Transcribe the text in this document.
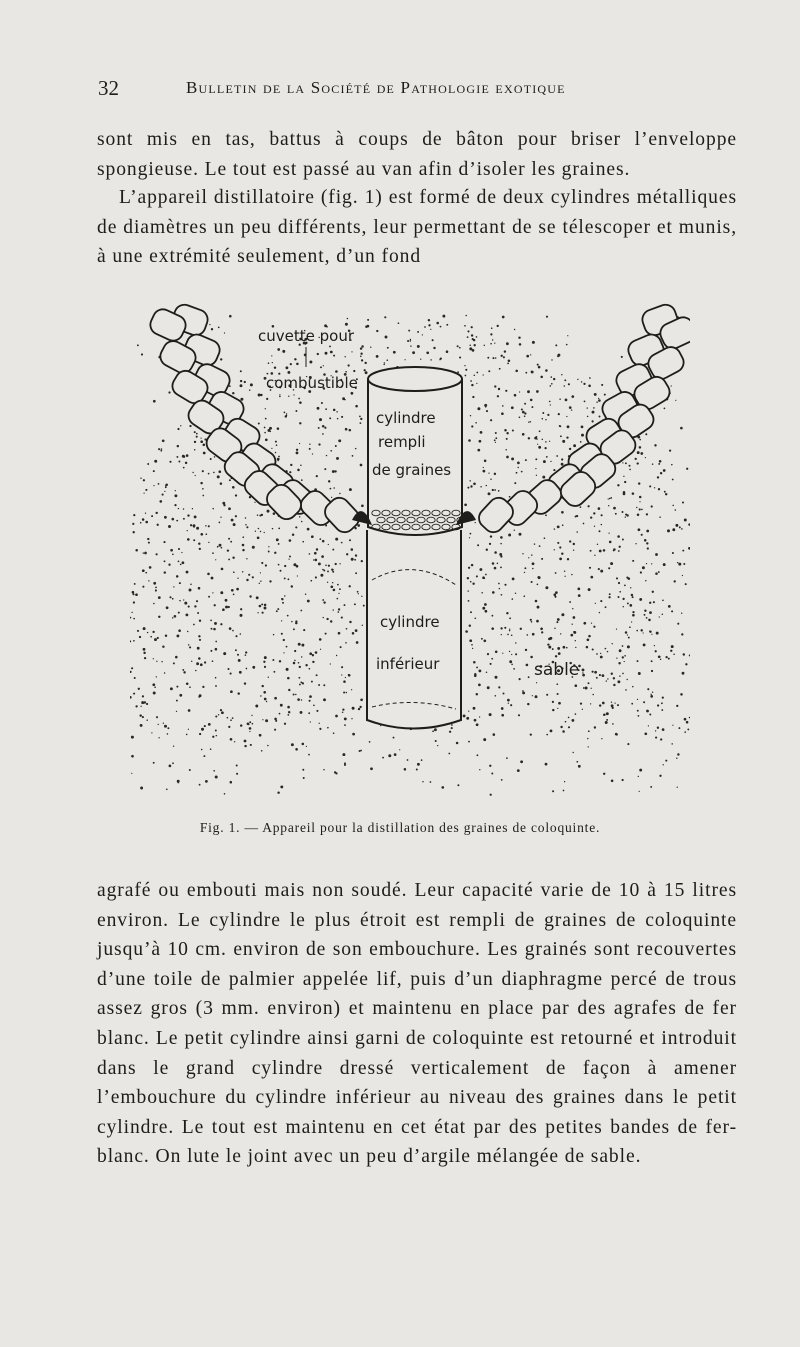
32	Bulletin de la Société de Pathologie exotique

sont mis en tas, battus à coups de bâton pour briser l’enveloppe spongieuse. Le tout est passé au van afin d’isoler les graines.

L’appareil distillatoire (fig. 1) est formé de deux cylindres métalliques de diamètres un peu différents, leur permettant de se télescoper et munis, à une extrémité seulement, d’un fond

cuvette pour
combustible
cylindre
rempli
de graines
cylindre
inférieur	sable
Fig. 1. — Appareil pour la distillation des graines de coloquinte.

agrafé ou embouti mais non soudé. Leur capacité varie de 10 à 15 litres environ. Le cylindre le plus étroit est rempli de graines de coloquinte jusqu’à 10 cm. environ de son embouchure. Les grainés sont recouvertes d’une toile de palmier appelée lif, puis d’un diaphragme percé de trous assez gros (3 mm. environ) et maintenu en place par des agrafes de fer blanc. Le petit cylindre ainsi garni de coloquinte est retourné et introduit dans le grand cylindre dressé verticalement de façon à amener l’embouchure du cylindre inférieur au niveau des graines dans le petit cylindre. Le tout est maintenu en cet état par des petites bandes de fer-blanc. On lute le joint avec un peu d’argile mélangée de sable.
